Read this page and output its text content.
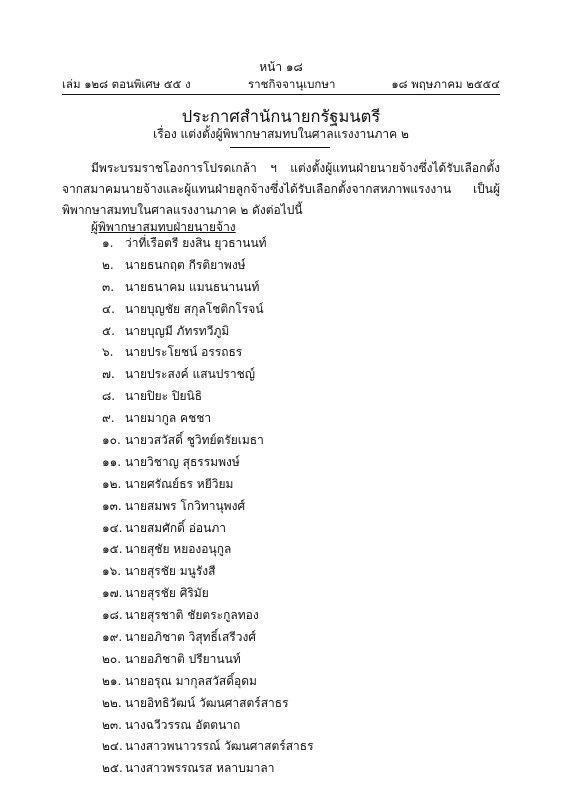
หน้า ๑๘
เล่ม ๑๒๘ ตอนพิเศษ ๕๕ ง	ราชกิจจานุเบกษา	๑๘ พฤษภาคม ๒๕๕๔
ประกาศสำนักนายกรัฐมนตรี
เรื่อง แต่งตั้งผู้พิพากษาสมทบในศาลแรงงานภาค ๒

มีพระบรมราชโองการโปรดเกล้า ฯ แต่งตั้งผู้แทนฝ่ายนายจ้างซึ่งได้รับเลือกตั้งจากสมาคมนายจ้างและผู้แทนฝ่ายลูกจ้างซึ่งได้รับเลือกตั้งจากสหภาพแรงงาน เป็นผู้พิพากษาสมทบในศาลแรงงานภาค ๒ ดังต่อไปนี้

ผู้พิพากษาสมทบฝ่ายนายจ้าง
๑. ว่าที่เรือตรี ยงสิน ยุวธานนท์
๒. นายธนกฤต กีรติยาพงษ์
๓. นายธนาคม แมนธนานนท์
๔. นายบุญชัย สกุลโชติกโรจน์
๕. นายบุญมี ภัทรทวีภูมิ
๖. นายประโยชน์ อรรถธร
๗. นายประสงค์ แสนปราชญ์
๘. นายปิยะ ปิยนิธิ
๙. นายมากูล คชชา
๑๐. นายวสวัสดิ์ ชูวิทย์ตรัยเมธา
๑๑. นายวิชาญ สุธรรมพงษ์
๑๒. นายศรัณย์ธร หยีวิยม
๑๓. นายสมพร โกวิทานุพงศ์
๑๔. นายสมศักดิ์ อ่อนภา
๑๕. นายสุชัย หยองอนุกูล
๑๖. นายสุรชัย มนูรังสี
๑๗. นายสุรชัย ศิริมัย
๑๘. นายสุรชาติ ชัยตระกูลทอง
๑๙. นายอภิชาต วิสุทธิ์เสรีวงศ์
๒๐. นายอภิชาติ ปรียานนท์
๒๑. นายอรุณ มากุลสวัสดิ์อุดม
๒๒. นายอิทธิวัฒน์ วัฒนศาสตร์สาธร
๒๓. นางฉวีวรรณ อัตตนาถ
๒๔. นางสาวพนาวรรณ์ วัฒนศาสตร์สาธร
๒๕. นางสาวพรรณรส หลาบมาลา
